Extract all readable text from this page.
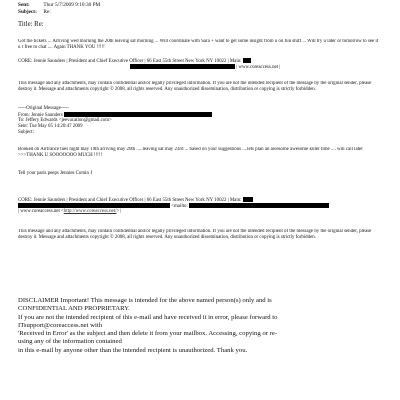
Sent:	Thur 5/7/2009 9:10:30 PM
Subject: Re:
Title: Re:
Got the tickets ... Arriving wed morning the 20th leaving sat morning ... Will coordinate with Sara + want to get some insight from u on fun stuff ... Will try u later or tomorrow to see if u r free to chat .... Again THANK YOU !!!!!
CORE: Jennie Saunders | President and Chief Executive Officer | 66 East 55th Street New York NY 10022 | Main:
| www.coreaccess.net |
This message and any attachments, may contain confidential and/or legally privileged information. If you are not the intended recipient of the message by the original sender, please destroy it. Message and attachments copyright © 2008, all rights reserved. Any unauthorized dissemination, distribution or copying is strictly forbidden.
-----Original Message-----
From: Jennie Saunders
To: Jeffery Edwards <jeevacation@gmail.com>
Sent: Tue May 05 14:20:47 2009
Subject:
Booked on Airfrance tues night may 19th arriving may 20th .....leaving sat may 23rd ... based on your suggestions ....lets plan an awesome awesome killer time .... will call later >>>THANK U SOOOOOOO MUCH !!!!!
Tell your paris peeps Jennies Comin J
CORE: Jennie Saunders | President and Chief Executive Officer | 66 East 55th Street New York NY 10022 | Main:
<mailto:
| www.coreaccess.net <http://www.coreaccess.net/> |
This message and any attachments, may contain confidential and/or legally privileged information. If you are not the intended recipient of the message by the original sender, please destroy it. Message and attachments copyright © 2008, all rights reserved. Any unauthorized dissemination, distribution or copying is strictly forbidden.
DISCLAIMER Important! This message is intended for the above named person(s) only and is
CONFIDENTIAL AND PROPRIETARY.
If you are not the intended recipient of this e-mail and have received it in error, please forward to
ITsupport@coreaccess.net with
'Received in Error' as the subject and then delete it from your mailbox. Accessing, copying or re-
using any of the information contained
in this e-mail by anyone other than the intended recipient is unauthorized. Thank you.
